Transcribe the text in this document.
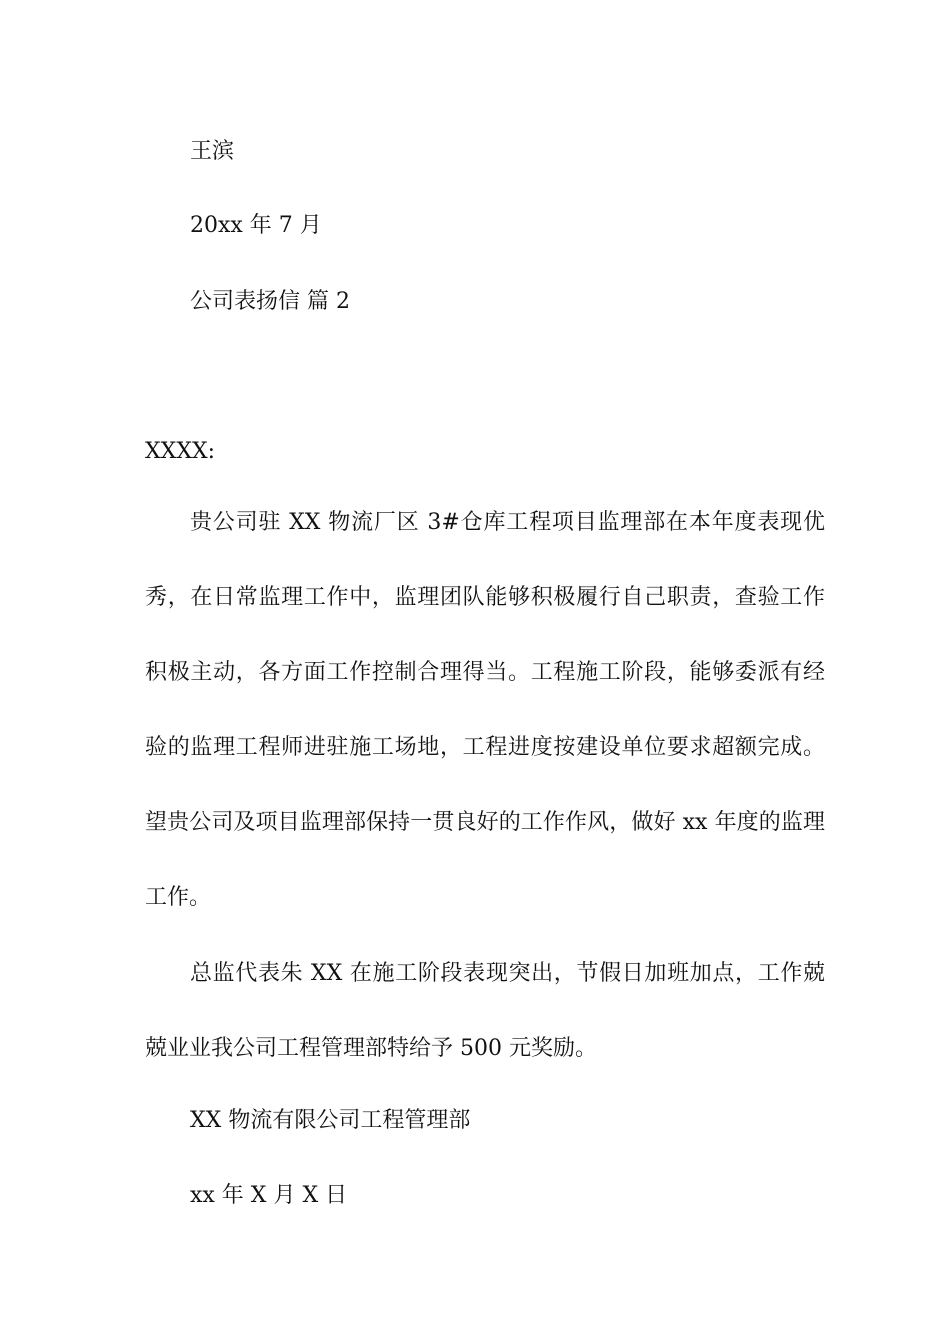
王滨
20xx 年 7 月
公司表扬信 篇 2
XXXX:
贵公司驻 XX 物流厂区 3#仓库工程项目监理部在本年度表现优秀，在日常监理工作中，监理团队能够积极履行自己职责，查验工作积极主动，各方面工作控制合理得当。工程施工阶段，能够委派有经验的监理工程师进驻施工场地，工程进度按建设单位要求超额完成。望贵公司及项目监理部保持一贯良好的工作作风，做好 xx 年度的监理工作。
总监代表朱 XX 在施工阶段表现突出，节假日加班加点，工作兢兢业业我公司工程管理部特给予 500 元奖励。
XX 物流有限公司工程管理部
xx 年 X 月 X 日
